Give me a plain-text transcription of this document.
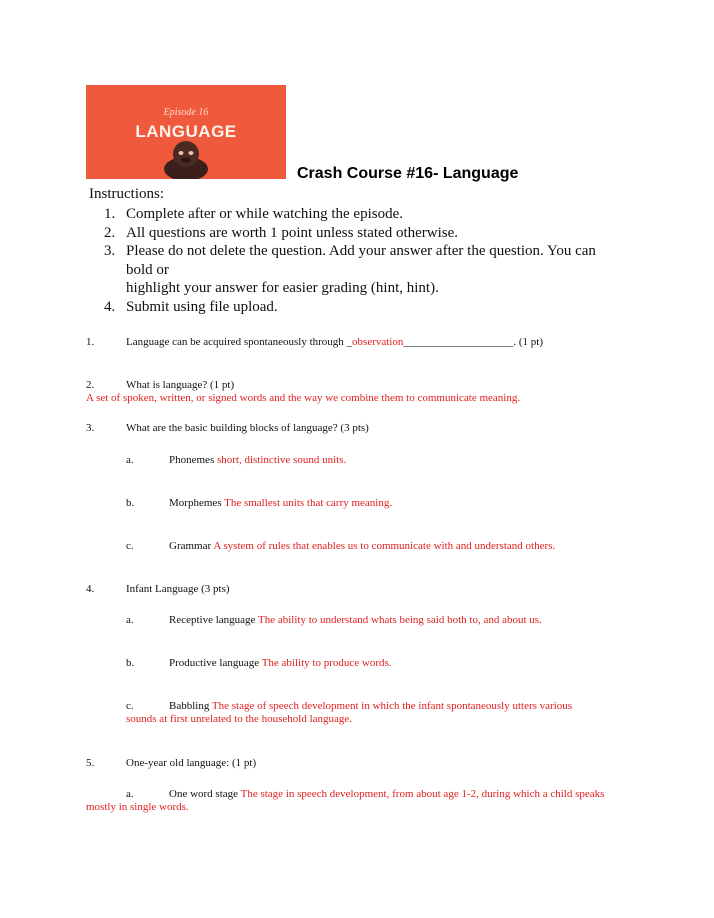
Episode 16
LANGUAGE
Crash Course #16- Language
Instructions:
1. Complete after or while watching the episode.
2. All questions are worth 1 point unless stated otherwise.
3. Please do not delete the question. Add your answer after the question. You can bold or
highlight your answer for easier grading (hint, hint).
4. Submit using file upload.
1.	Language can be acquired spontaneously through _observation____________________. (1 pt)
2.	What is language? (1 pt)
A set of spoken, written, or signed words and the way we combine them to communicate meaning.
3.	What are the basic building blocks of language? (3 pts)
a.	Phonemes short, distinctive sound units.
b.	Morphemes The smallest units that carry meaning.
c.	Grammar A system of rules that enables us to communicate with and understand others.
4.	Infant Language (3 pts)
a.	Receptive language The ability to understand whats being said both to, and about us.
b.	Productive language The ability to produce words.
c.	Babbling The stage of speech development in which the infant spontaneously utters various
sounds at first unrelated to the household language.
5.	One-year old language: (1 pt)
a.	One word stage The stage in speech development, from about age 1-2, during which a child speaks
mostly in single words.
